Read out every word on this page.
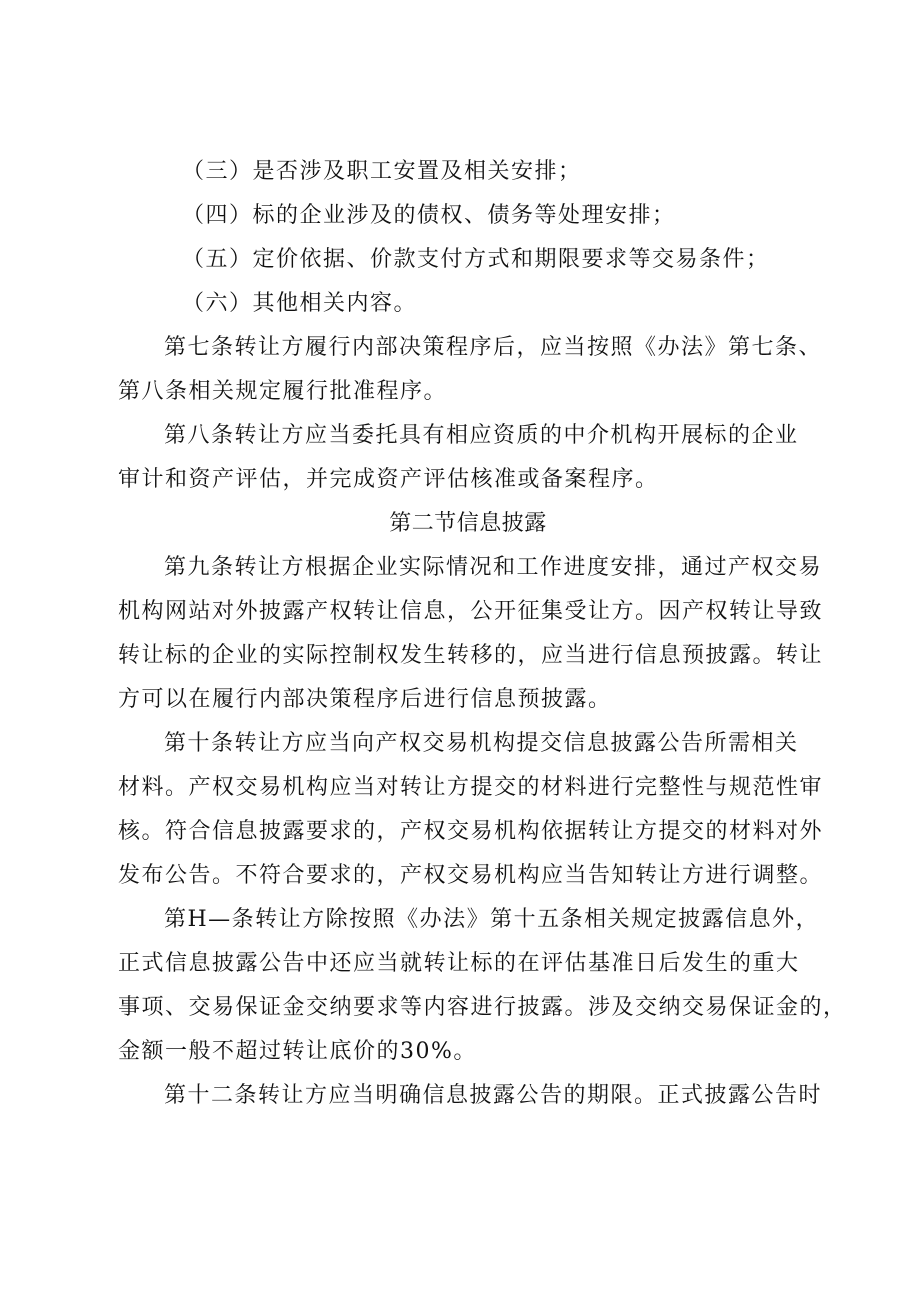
（三）是否涉及职工安置及相关安排；
（四）标的企业涉及的债权、债务等处理安排；
（五）定价依据、价款支付方式和期限要求等交易条件；
（六）其他相关内容。
第七条转让方履行内部决策程序后，应当按照《办法》第七条、
第八条相关规定履行批准程序。
第八条转让方应当委托具有相应资质的中介机构开展标的企业
审计和资产评估，并完成资产评估核准或备案程序。
第二节信息披露
第九条转让方根据企业实际情况和工作进度安排，通过产权交易
机构网站对外披露产权转让信息，公开征集受让方。因产权转让导致
转让标的企业的实际控制权发生转移的，应当进行信息预披露。转让
方可以在履行内部决策程序后进行信息预披露。
第十条转让方应当向产权交易机构提交信息披露公告所需相关
材料。产权交易机构应当对转让方提交的材料进行完整性与规范性审
核。符合信息披露要求的，产权交易机构依据转让方提交的材料对外
发布公告。不符合要求的，产权交易机构应当告知转让方进行调整。
第H—条转让方除按照《办法》第十五条相关规定披露信息外，
正式信息披露公告中还应当就转让标的在评估基准日后发生的重大
事项、交易保证金交纳要求等内容进行披露。涉及交纳交易保证金的，
金额一般不超过转让底价的30%。
第十二条转让方应当明确信息披露公告的期限。正式披露公告时
